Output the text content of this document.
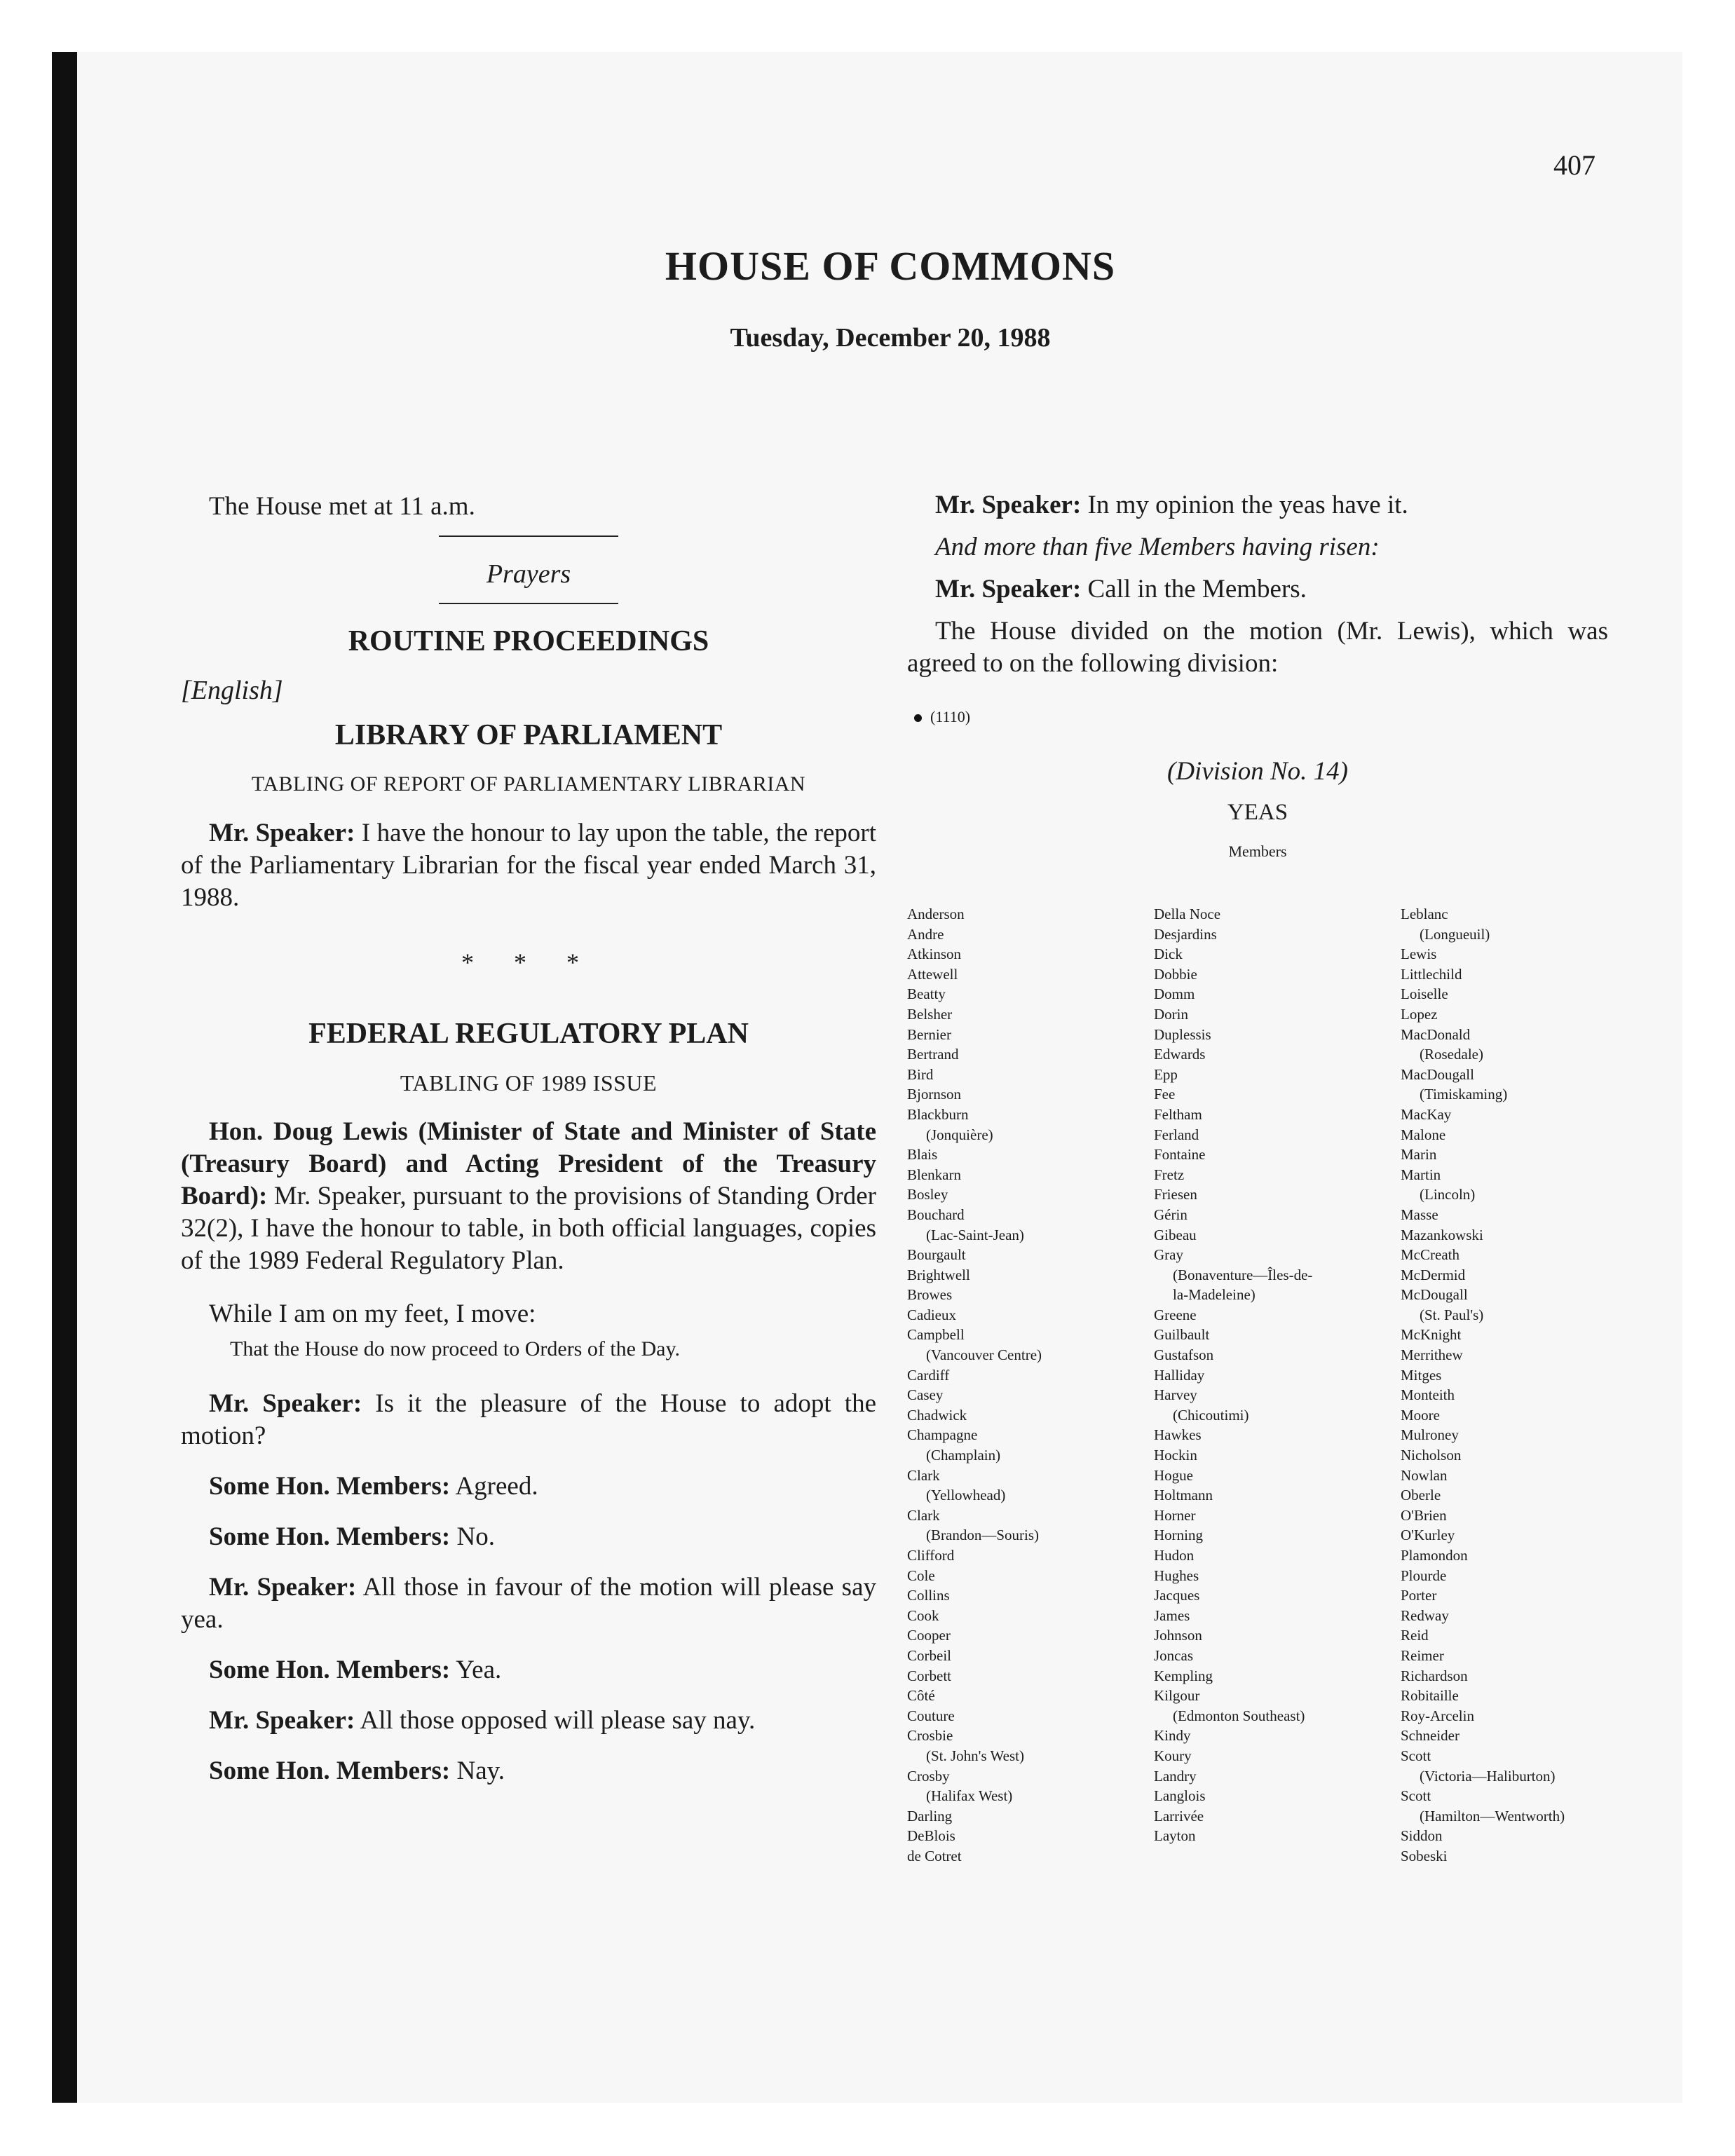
407
HOUSE OF COMMONS
Tuesday, December 20, 1988

The House met at 11 a.m.

Prayers

ROUTINE PROCEEDINGS
[English]
LIBRARY OF PARLIAMENT
TABLING OF REPORT OF PARLIAMENTARY LIBRARIAN

Mr. Speaker: I have the honour to lay upon the table, the report of the Parliamentary Librarian for the fiscal year ended March 31, 1988.

* * *
FEDERAL REGULATORY PLAN
TABLING OF 1989 ISSUE

Hon. Doug Lewis (Minister of State and Minister of State (Treasury Board) and Acting President of the Treasury Board): Mr. Speaker, pursuant to the provisions of Standing Order 32(2), I have the honour to table, in both official languages, copies of the 1989 Federal Regulatory Plan.

While I am on my feet, I move:

That the House do now proceed to Orders of the Day.

Mr. Speaker: Is it the pleasure of the House to adopt the motion?

Some Hon. Members: Agreed.

Some Hon. Members: No.

Mr. Speaker: All those in favour of the motion will please say yea.

Some Hon. Members: Yea.

Mr. Speaker: All those opposed will please say nay.

Some Hon. Members: Nay.

Mr. Speaker: In my opinion the yeas have it.

And more than five Members having risen:

Mr. Speaker: Call in the Members.

The House divided on the motion (Mr. Lewis), which was agreed to on the following division:

(1110)
(Division No. 14)
YEAS
Members
Anderson
Andre
Atkinson
Attewell
Beatty
Belsher
Bernier
Bertrand
Bird
Bjornson
Blackburn
(Jonquière)
Blais
Blenkarn
Bosley
Bouchard
(Lac-Saint-Jean)
Bourgault
Brightwell
Browes
Cadieux
Campbell
(Vancouver Centre)
Cardiff
Casey
Chadwick
Champagne
(Champlain)
Clark
(Yellowhead)
Clark
(Brandon—Souris)
Clifford
Cole
Collins
Cook
Cooper
Corbeil
Corbett
Côté
Couture
Crosbie
(St. John's West)
Crosby
(Halifax West)
Darling
DeBlois
de Cotret
Della Noce
Desjardins
Dick
Dobbie
Domm
Dorin
Duplessis
Edwards
Epp
Fee
Feltham
Ferland
Fontaine
Fretz
Friesen
Gérin
Gibeau
Gray
(Bonaventure—Îles-de-
la-Madeleine)
Greene
Guilbault
Gustafson
Halliday
Harvey
(Chicoutimi)
Hawkes
Hockin
Hogue
Holtmann
Horner
Horning
Hudon
Hughes
Jacques
James
Johnson
Joncas
Kempling
Kilgour
(Edmonton Southeast)
Kindy
Koury
Landry
Langlois
Larrivée
Layton
Leblanc
(Longueuil)
Lewis
Littlechild
Loiselle
Lopez
MacDonald
(Rosedale)
MacDougall
(Timiskaming)
MacKay
Malone
Marin
Martin
(Lincoln)
Masse
Mazankowski
McCreath
McDermid
McDougall
(St. Paul's)
McKnight
Merrithew
Mitges
Monteith
Moore
Mulroney
Nicholson
Nowlan
Oberle
O'Brien
O'Kurley
Plamondon
Plourde
Porter
Redway
Reid
Reimer
Richardson
Robitaille
Roy-Arcelin
Schneider
Scott
(Victoria—Haliburton)
Scott
(Hamilton—Wentworth)
Siddon
Sobeski
